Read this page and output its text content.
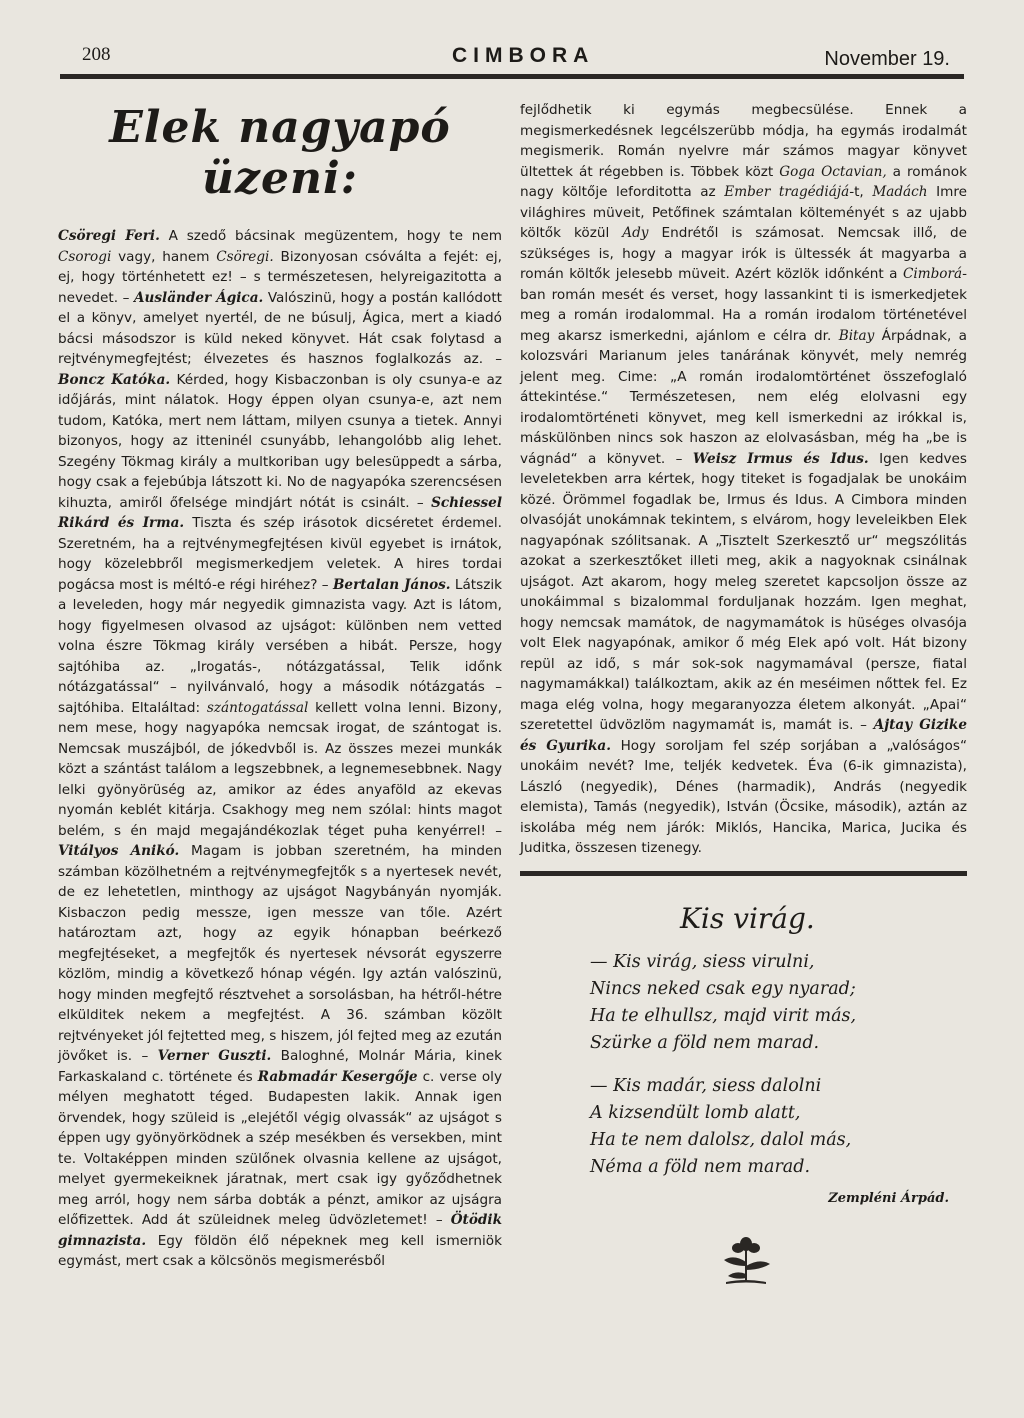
208	CIMBORA	November 19.
Elek nagyapó üzeni:

Csöregi Feri. A szedő bácsinak megüzentem, hogy te nem Csorogi vagy, hanem Csöregi. Bizonyosan csóválta a fejét: ej, ej, hogy történhetett ez! – s természetesen, helyreigazitotta a nevedet. – Ausländer Ágica. Valószinü, hogy a postán kallódott el a könyv, amelyet nyertél, de ne búsulj, Ágica, mert a kiadó bácsi másodszor is küld neked könyvet. Hát csak folytasd a rejtvénymegfejtést; élvezetes és hasznos foglalkozás az. – Boncz Katóka. Kérded, hogy Kisbaczonban is oly csunya-e az időjárás, mint nálatok. Hogy éppen olyan csunya-e, azt nem tudom, Katóka, mert nem láttam, milyen csunya a tietek. Annyi bizonyos, hogy az itteninél csunyább, lehangolóbb alig lehet. Szegény Tökmag király a multkoriban ugy belesüppedt a sárba, hogy csak a fejebúbja látszott ki. No de nagyapóka szerencsésen kihuzta, amiről őfelsége mindjárt nótát is csinált. – Schiessel Rikárd és Irma. Tiszta és szép irásotok dicséretet érdemel. Szeretném, ha a rejtvénymegfejtésen kivül egyebet is irnátok, hogy közelebbről megismerkedjem veletek. A hires tordai pogácsa most is méltó-e régi hiréhez? – Bertalan János. Látszik a leveleden, hogy már negyedik gimnazista vagy. Azt is látom, hogy figyelmesen olvasod az ujságot: különben nem vetted volna észre Tökmag király versében a hibát. Persze, hogy sajtóhiba az. „Irogatás-, nótázgatással, Telik időnk nótázgatással“ – nyilvánvaló, hogy a második nótázgatás – sajtóhiba. Eltaláltad: szántogatással kellett volna lenni. Bizony, nem mese, hogy nagyapóka nemcsak irogat, de szántogat is. Nemcsak muszájból, de jókedvből is. Az összes mezei munkák közt a szántást találom a legszebbnek, a legnemesebbnek. Nagy lelki gyönyörüség az, amikor az édes anyaföld az ekevas nyomán keblét kitárja. Csakhogy meg nem szólal: hints magot belém, s én majd megajándékozlak téget puha kenyérrel! – Vitályos Anikó. Magam is jobban szeretném, ha minden számban közölhetném a rejtvénymegfejtők s a nyertesek nevét, de ez lehetetlen, minthogy az ujságot Nagybányán nyomják. Kisbaczon pedig messze, igen messze van tőle. Azért határoztam azt, hogy az egyik hónapban beérkező megfejtéseket, a megfejtők és nyertesek névsorát egyszerre közlöm, mindig a következő hónap végén. Igy aztán valószinü, hogy minden megfejtő résztvehet a sorsolásban, ha hétről-hétre elkülditek nekem a megfejtést. A 36. számban közölt rejtvényeket jól fejtetted meg, s hiszem, jól fejted meg az ezután jövőket is. – Verner Guszti. Baloghné, Molnár Mária, kinek Farkaskaland c. története és Rabmadár Kesergője c. verse oly mélyen meghatott téged. Budapesten lakik. Annak igen örvendek, hogy szüleid is „elejétől végig olvassák“ az ujságot s éppen ugy gyönyörködnek a szép mesékben és versekben, mint te. Voltaképpen minden szülőnek olvasnia kellene az ujságot, melyet gyermekeiknek járatnak, mert csak igy győződhetnek meg arról, hogy nem sárba dobták a pénzt, amikor az ujságra előfizettek. Add át szüleidnek meleg üdvözletemet! – Ötödik gimnazista. Egy földön élő népeknek meg kell ismerniök egymást, mert csak a kölcsönös megismerésből

fejlődhetik ki egymás megbecsülése. Ennek a megismerkedésnek legcélszerübb módja, ha egymás irodalmát megismerik. Román nyelvre már számos magyar könyvet ültettek át régebben is. Többek közt Goga Octavian, a románok nagy költője leforditotta az Ember tragédiájá-t, Madách Imre világhires müveit, Petőfinek számtalan költeményét s az ujabb költők közül Ady Endrétől is számosat. Nemcsak illő, de szükséges is, hogy a magyar irók is ültessék át magyarba a román költők jelesebb müveit. Azért közlök időnként a Cimborá-ban román mesét és verset, hogy lassankint ti is ismerkedjetek meg a román irodalommal. Ha a román irodalom történetével meg akarsz ismerkedni, ajánlom e célra dr. Bitay Árpádnak, a kolozsvári Marianum jeles tanárának könyvét, mely nemrég jelent meg. Cime: „A román irodalomtörténet összefoglaló áttekintése.“ Természetesen, nem elég elolvasni egy irodalomtörténeti könyvet, meg kell ismerkedni az irókkal is, máskülönben nincs sok haszon az elolvasásban, még ha „be is vágnád“ a könyvet. – Weisz Irmus és Idus. Igen kedves leveletekben arra kértek, hogy titeket is fogadjalak be unokáim közé. Örömmel fogadlak be, Irmus és Idus. A Cimbora minden olvasóját unokámnak tekintem, s elvárom, hogy leveleikben Elek nagyapónak szólitsanak. A „Tisztelt Szerkesztő ur“ megszólitás azokat a szerkesztőket illeti meg, akik a nagyoknak csinálnak ujságot. Azt akarom, hogy meleg szeretet kapcsoljon össze az unokáimmal s bizalommal forduljanak hozzám. Igen meghat, hogy nemcsak mamátok, de nagymamátok is hüséges olvasója volt Elek nagyapónak, amikor ő még Elek apó volt. Hát bizony repül az idő, s már sok-sok nagymamával (persze, fiatal nagymamákkal) találkoztam, akik az én meséimen nőttek fel. Ez maga elég volna, hogy megaranyozza életem alkonyát. „Apai“ szeretettel üdvözlöm nagymamát is, mamát is. – Ajtay Gizike és Gyurika. Hogy soroljam fel szép sorjában a „valóságos“ unokáim nevét? Ime, teljék kedvetek. Éva (6-ik gimnazista), László (negyedik), Dénes (harmadik), András (negyedik elemista), Tamás (negyedik), István (Öcsike, második), aztán az iskolába még nem járók: Miklós, Hancika, Marica, Jucika és Juditka, összesen tizenegy.

Kis virág.
— Kis virág, siess virulni,
Nincs neked csak egy nyarad;
Ha te elhullsz, majd virit más,
Szürke a föld nem marad.
— Kis madár, siess dalolni
A kizsendült lomb alatt,
Ha te nem dalolsz, dalol más,
Néma a föld nem marad.
Zempléni Árpád.
